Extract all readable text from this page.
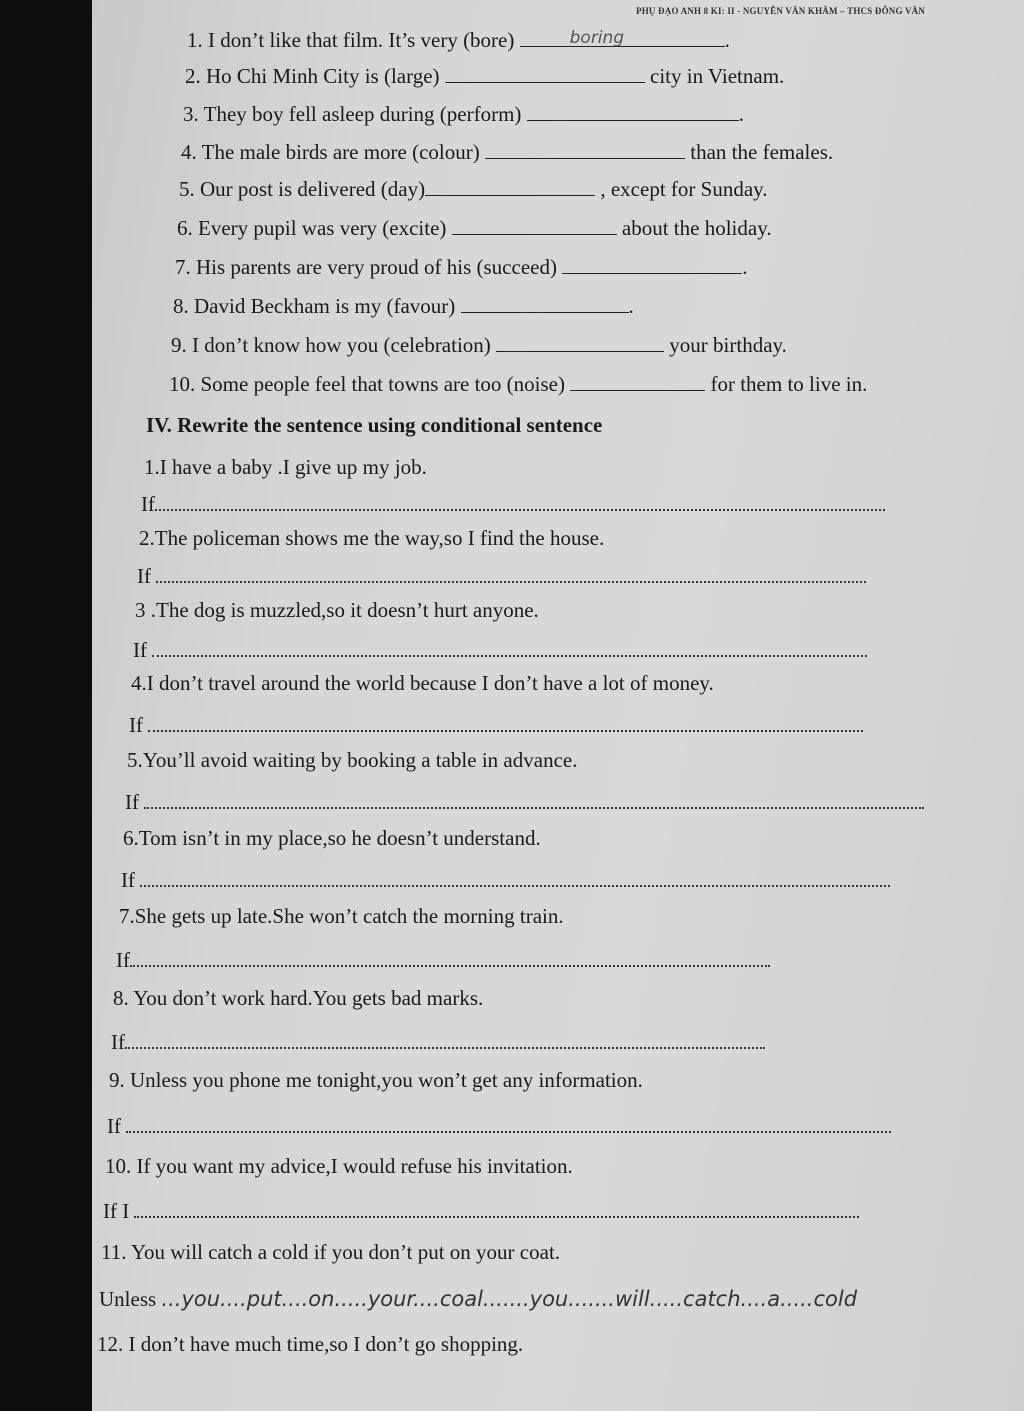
PHỤ ĐẠO ANH 8 KI: II - NGUYỄN VĂN KHÂM – THCS ĐÔNG VĂN
1. I don’t like that film. It’s very (bore)	boring	.
2. Ho Chi Minh City is (large)	city in Vietnam.
3. They boy fell asleep during (perform)	.
4. The male birds are more (colour)	than the females.
5. Our post is delivered (day)	, except for Sunday.
6. Every pupil was very (excite)	about the holiday.
7. His parents are very proud of his (succeed)	.
8. David Beckham is my (favour)	.
9. I don’t know how you (celebration)	your birthday.
10. Some people feel that towns are too (noise)	for them to live in.
IV. Rewrite the sentence using conditional sentence
1.I have a baby .I give up my job.
If
2.The policeman shows me the way,so I find the house.
If
3 .The dog is muzzled,so it doesn’t hurt anyone.
If
4.I don’t travel around the world because I don’t have a lot of money.
If
5.You’ll avoid waiting by booking a table in advance.
If
6.Tom isn’t in my place,so he doesn’t understand.
If
7.She gets up late.She won’t catch the morning train.
If
8. You don’t work hard.You gets bad marks.
If
9. Unless you phone me tonight,you won’t get any information.
If
10. If you want my advice,I would refuse his invitation.
If I
11. You will catch a cold if you don’t put on your coat.
Unless ...you....put....on.....your....coal.......you.......will.....catch....a.....cold
12. I don’t have much time,so I don’t go shopping.
